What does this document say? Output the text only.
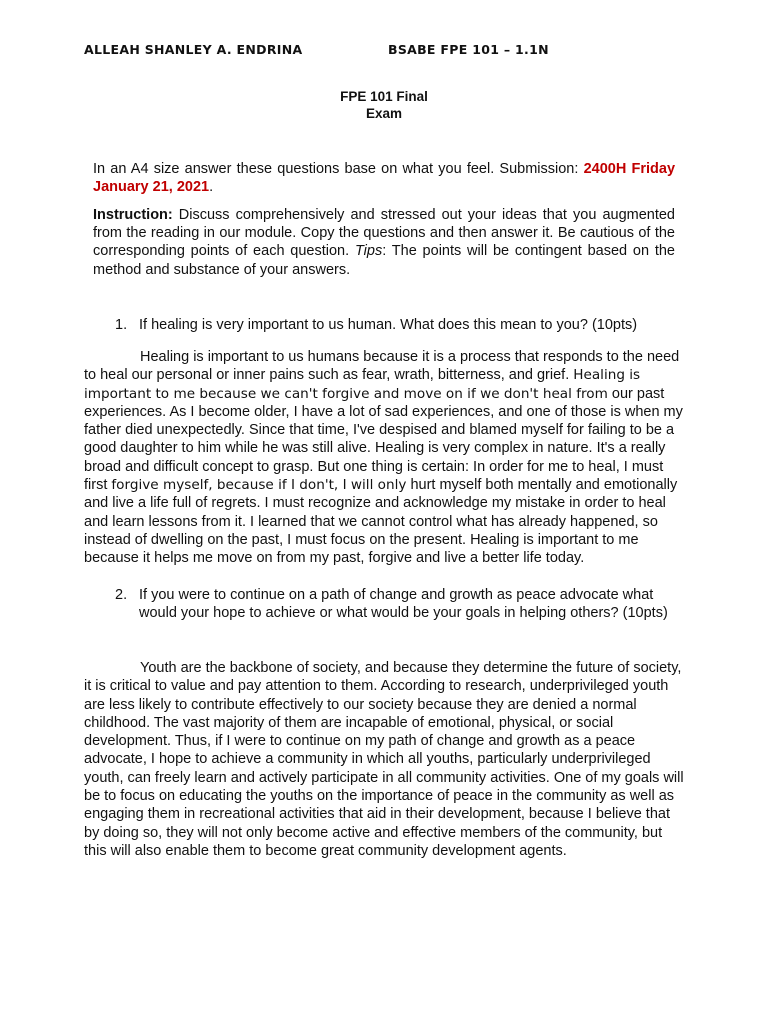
ALLEAH SHANLEY A. ENDRINA	BSABE FPE 101 – 1.1N
FPE 101 Final
Exam
In an A4 size answer these questions base on what you feel. Submission: 2400H Friday January 21, 2021.
Instruction: Discuss comprehensively and stressed out your ideas that you augmented from the reading in our module. Copy the questions and then answer it. Be cautious of the corresponding points of each question. Tips: The points will be contingent based on the method and substance of your answers.
1. If healing is very important to us human. What does this mean to you? (10pts)

Healing is important to us humans because it is a process that responds to the need to heal our personal or inner pains such as fear, wrath, bitterness, and grief. Healing is important to me because we can't forgive and move on if we don't heal from our past experiences. As I become older, I have a lot of sad experiences, and one of those is when my father died unexpectedly. Since that time, I've despised and blamed myself for failing to be a good daughter to him while he was still alive. Healing is very complex in nature. It's a really broad and difficult concept to grasp. But one thing is certain: In order for me to heal, I must first forgive myself, because if I don't, I will only hurt myself both mentally and emotionally and live a life full of regrets. I must recognize and acknowledge my mistake in order to heal and learn lessons from it. I learned that we cannot control what has already happened, so instead of dwelling on the past, I must focus on the present. Healing is important to me because it helps me move on from my past, forgive and live a better life today.

2. If you were to continue on a path of change and growth as peace advocate what would your hope to achieve or what would be your goals in helping others? (10pts)

Youth are the backbone of society, and because they determine the future of society, it is critical to value and pay attention to them. According to research, underprivileged youth are less likely to contribute effectively to our society because they are denied a normal childhood. The vast majority of them are incapable of emotional, physical, or social development. Thus, if I were to continue on my path of change and growth as a peace advocate, I hope to achieve a community in which all youths, particularly underprivileged youth, can freely learn and actively participate in all community activities. One of my goals will be to focus on educating the youths on the importance of peace in the community as well as engaging them in recreational activities that aid in their development, because I believe that by doing so, they will not only become active and effective members of the community, but this will also enable them to become great community development agents.
